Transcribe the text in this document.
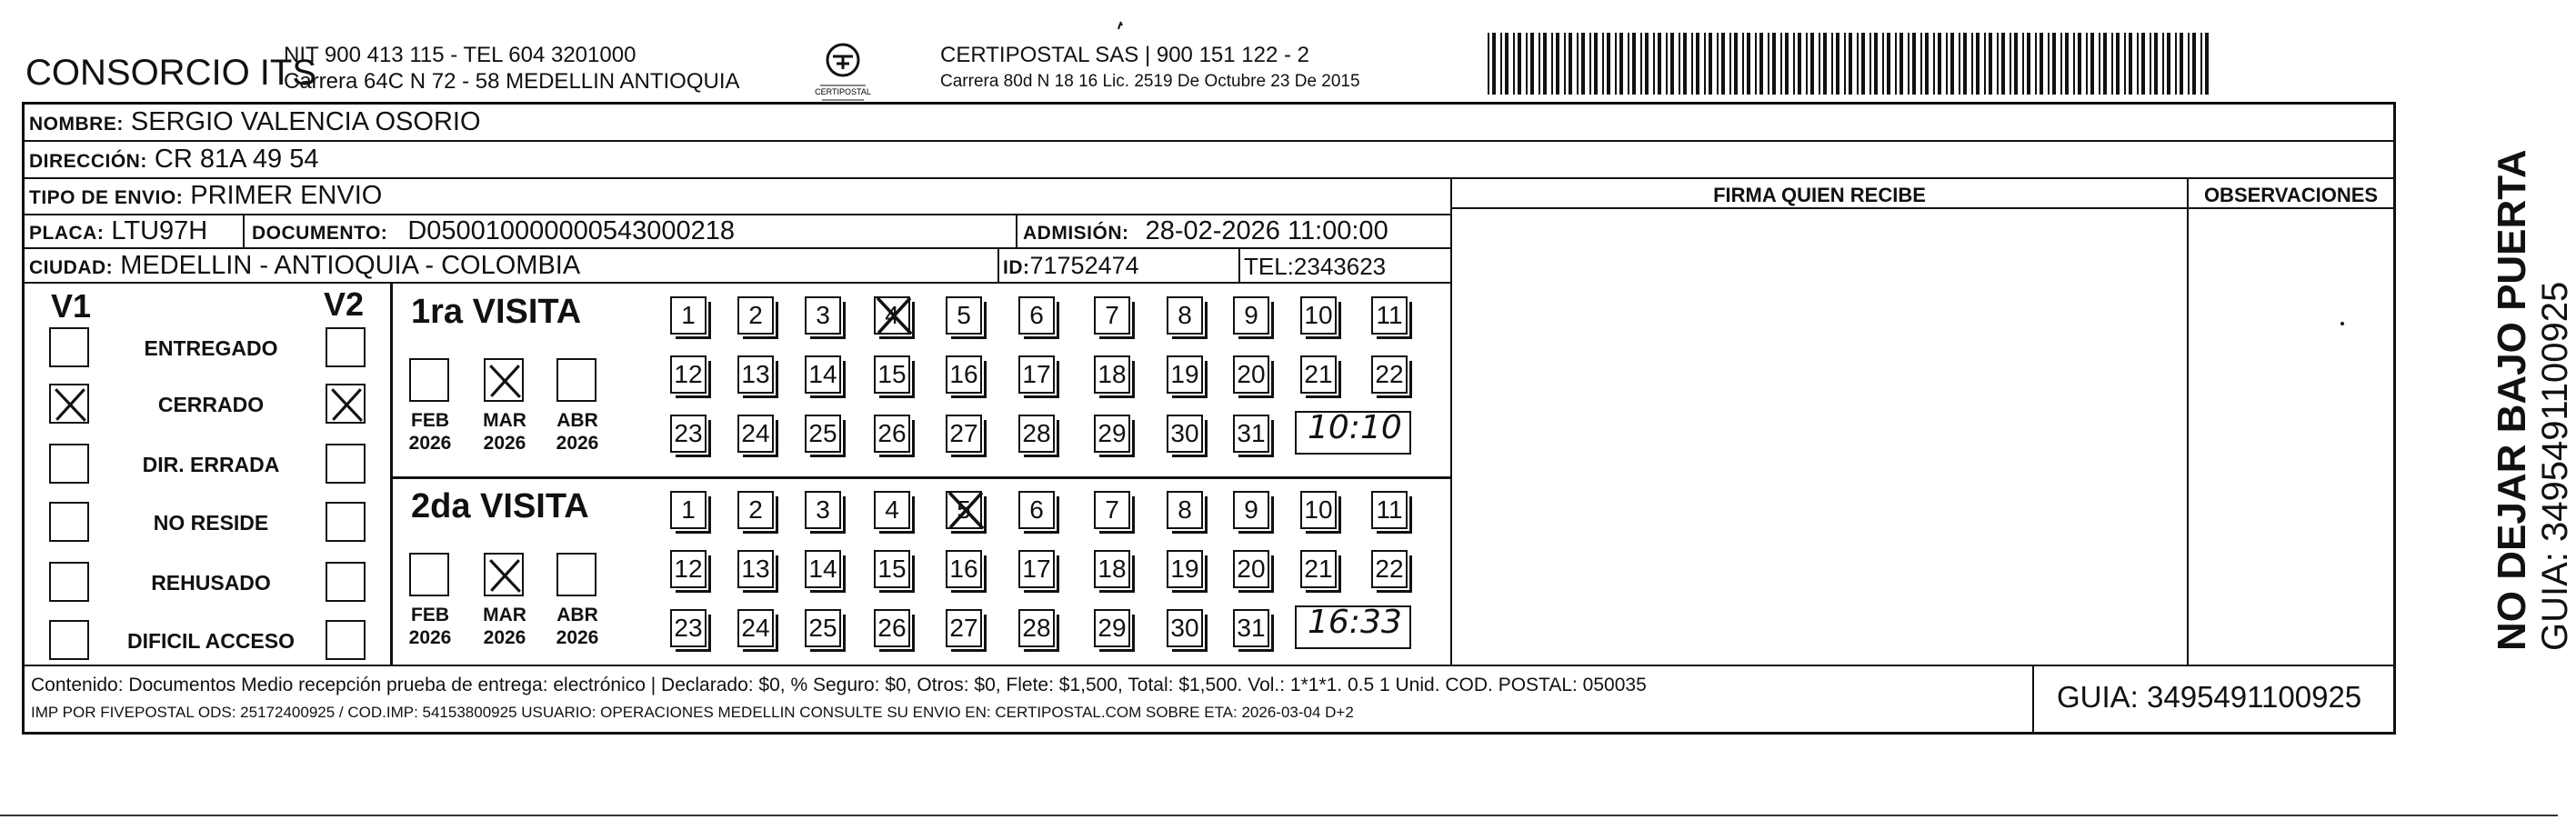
CONSORCIO ITS
NIT 900 413 115 - TEL 604 3201000
Carrera 64C N 72 - 58 MEDELLIN ANTIOQUIA	CERTIPOSTAL
CERTIPOSTAL SAS | 900 151 122 - 2
Carrera 80d N 18 16 Lic. 2519 De Octubre 23 De 2015
NOMBRE: SERGIO VALENCIA OSORIO
DIRECCIÓN: CR 81A 49 54
TIPO DE ENVIO: PRIMER ENVIO
PLACA: LTU97H DOCUMENTO: D050010000000543000218	ADMISIÓN: 28-02-2026 11:00:00
CIUDAD: MEDELLIN - ANTIOQUIA - COLOMBIA	ID:71752474	TEL:2343623
FIRMA QUIEN RECIBE	OBSERVACIONES
V1	V2
ENTREGADO
CERRADO
DIR. ERRADA
NO RESIDE
REHUSADO
DIFICIL ACCESO
1ra VISITA
FEB
2026
MAR
2026
ABR
2026
1	2	3	4	5	6	7	8	9	10 11
12 13 14 15 16 17 18 19 20 21 22
23 24 25 26 27 28 29 30 31 10:10
2da VISITA
FEB
2026
MAR
2026
ABR
2026
1	2	3	4	5	6	7	8	9	10 11
12 13 14 15 16 17 18 19 20 21 22
23 24 25 26 27 28 29 30 31 16:33
Contenido: Documentos Medio recepción prueba de entrega: electrónico | Declarado: $0, % Seguro: $0, Otros: $0, Flete: $1,500, Total: $1,500. Vol.: 1*1*1. 0.5 1 Unid. COD. POSTAL: 050035
IMP POR FIVEPOSTAL ODS: 25172400925 / COD.IMP: 54153800925 USUARIO: OPERACIONES MEDELLIN CONSULTE SU ENVIO EN: CERTIPOSTAL.COM SOBRE ETA: 2026-03-04 D+2	GUIA: 3495491100925
NO DEJAR BAJO PUERTA GUIA: 3495491100925
